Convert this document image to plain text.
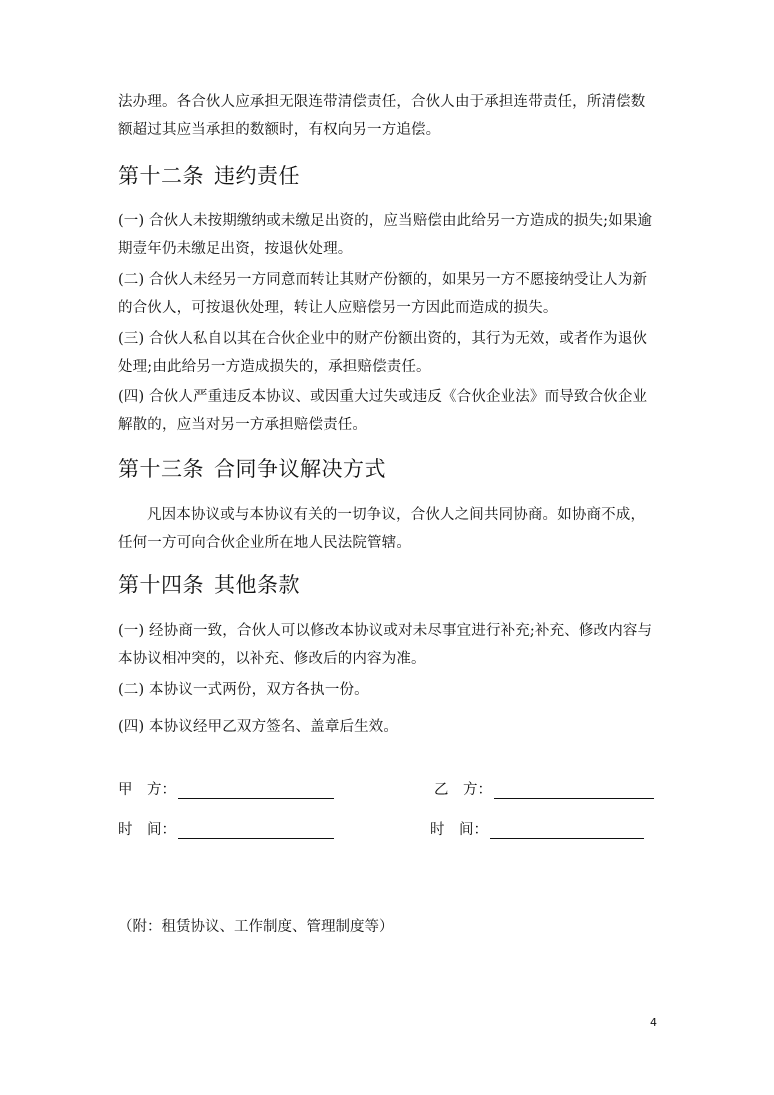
法办理。各合伙人应承担无限连带清偿责任，合伙人由于承担连带责任，所清偿数额超过其应当承担的数额时，有权向另一方追偿。
第十二条 违约责任
(一) 合伙人未按期缴纳或未缴足出资的，应当赔偿由此给另一方造成的损失;如果逾期壹年仍未缴足出资，按退伙处理。
(二) 合伙人未经另一方同意而转让其财产份额的，如果另一方不愿接纳受让人为新的合伙人，可按退伙处理，转让人应赔偿另一方因此而造成的损失。
(三) 合伙人私自以其在合伙企业中的财产份额出资的，其行为无效，或者作为退伙处理;由此给另一方造成损失的，承担赔偿责任。
(四) 合伙人严重违反本协议、或因重大过失或违反《合伙企业法》而导致合伙企业解散的，应当对另一方承担赔偿责任。
第十三条 合同争议解决方式
凡因本协议或与本协议有关的一切争议，合伙人之间共同协商。如协商不成，任何一方可向合伙企业所在地人民法院管辖。
第十四条 其他条款
(一) 经协商一致，合伙人可以修改本协议或对未尽事宜进行补充;补充、修改内容与本协议相冲突的，以补充、修改后的内容为准。
(二) 本协议一式两份，双方各执一份。
(四) 本协议经甲乙双方签名、盖章后生效。
甲　方：	乙　方：
时　间：	时　间：
（附：租赁协议、工作制度、管理制度等）
4
